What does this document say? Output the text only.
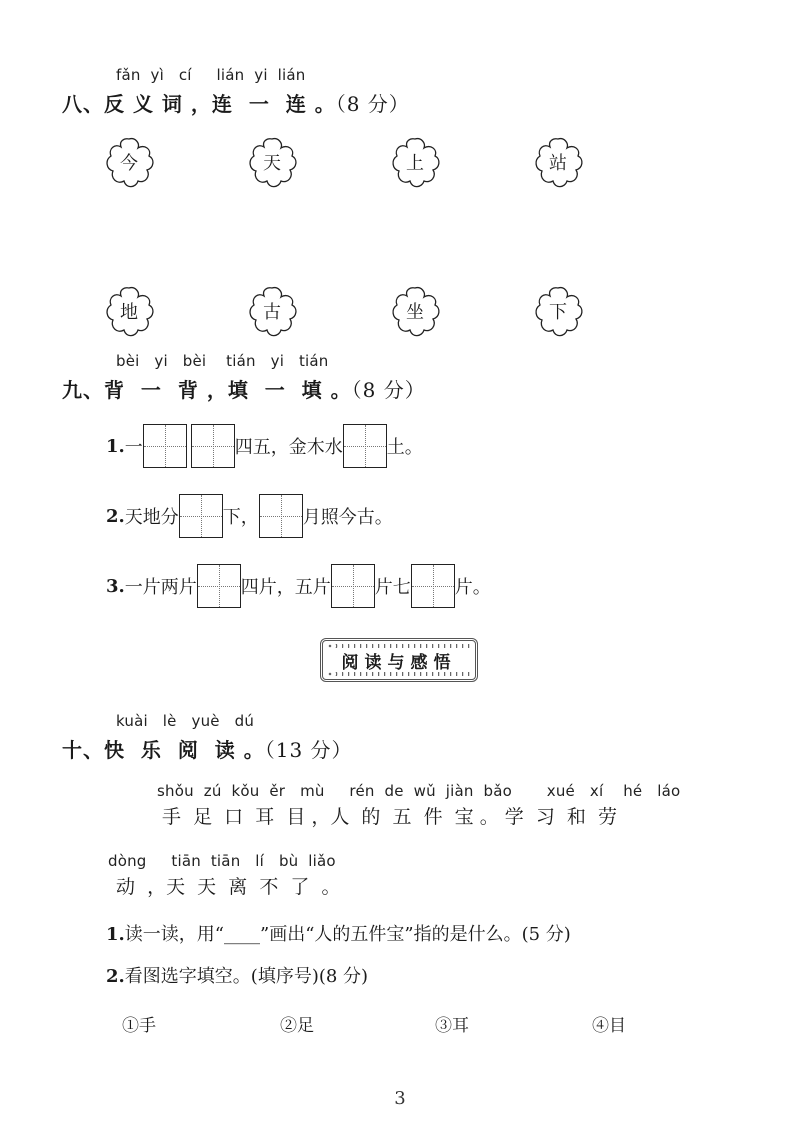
fǎn  yì   cí     lián  yi  lián
八、反 义 词 ，连  一  连 。（8 分）
今	天	上	站
地	古	坐	下
bèi   yi   bèi    tián   yi   tián
九、背  一  背 ，填  一  填 。（8 分）
1. 一	四五，金木水 土。
2. 天地分 下， 月照今古。
3. 一片两片 四片，五片 片七 片。
阅读与感悟
kuài   lè   yuè   dú
十、快  乐  阅  读 。（13 分）
shǒu  zú  kǒu  ěr   mù     rén  de  wǔ  jiàn  bǎo       xué   xí    hé   láo
手  足  口  耳  目 ，人  的  五  件  宝 。 学  习  和  劳
dòng     tiān  tiān   lí   bù  liǎo
动  ，天  天  离  不  了  。
1.读一读，用“____”画出“人的五件宝”指的是什么。(5 分)
2.看图选字填空。(填序号)(8 分)
①手	②足	③耳	④目
3
